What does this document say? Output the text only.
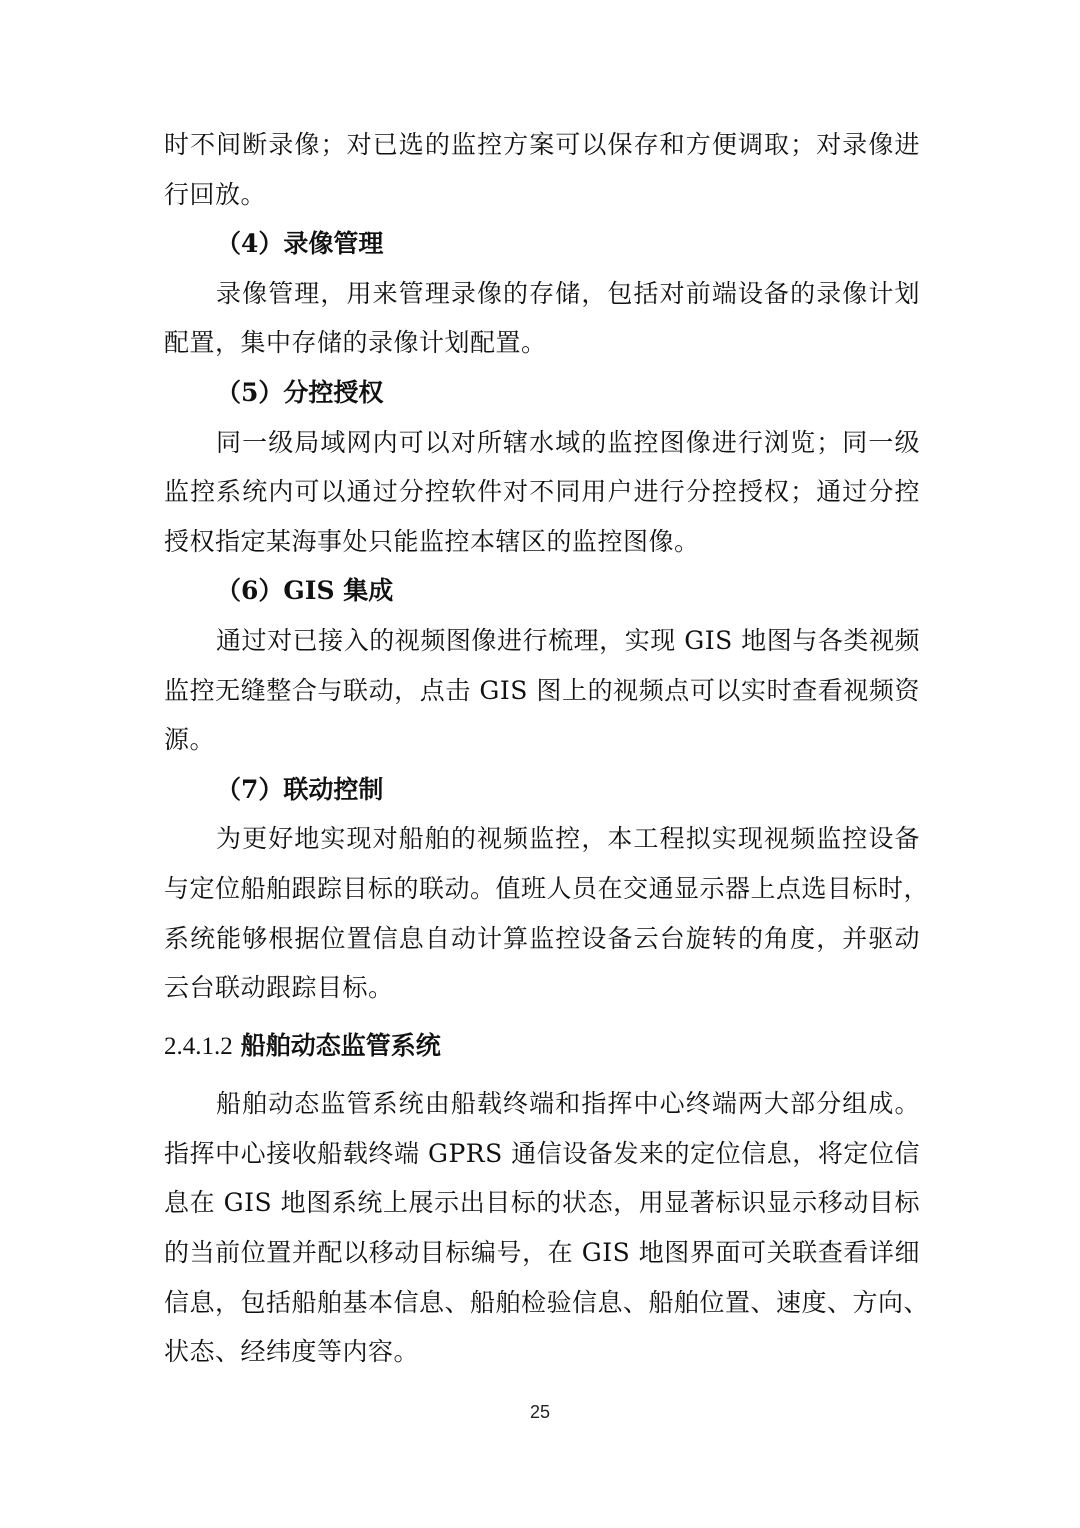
时不间断录像；对已选的监控方案可以保存和方便调取；对录像进
行回放。
（4）录像管理
录像管理，用来管理录像的存储，包括对前端设备的录像计划
配置，集中存储的录像计划配置。
（5）分控授权
同一级局域网内可以对所辖水域的监控图像进行浏览；同一级
监控系统内可以通过分控软件对不同用户进行分控授权；通过分控
授权指定某海事处只能监控本辖区的监控图像。
（6）GIS 集成
通过对已接入的视频图像进行梳理，实现 GIS 地图与各类视频
监控无缝整合与联动，点击 GIS 图上的视频点可以实时查看视频资
源。
（7）联动控制
为更好地实现对船舶的视频监控，本工程拟实现视频监控设备
与定位船舶跟踪目标的联动。值班人员在交通显示器上点选目标时，
系统能够根据位置信息自动计算监控设备云台旋转的角度，并驱动
云台联动跟踪目标。
2.4.1.2 船舶动态监管系统
船舶动态监管系统由船载终端和指挥中心终端两大部分组成。
指挥中心接收船载终端 GPRS 通信设备发来的定位信息，将定位信
息在 GIS 地图系统上展示出目标的状态，用显著标识显示移动目标
的当前位置并配以移动目标编号，在 GIS 地图界面可关联查看详细
信息，包括船舶基本信息、船舶检验信息、船舶位置、速度、方向、
状态、经纬度等内容。
25
